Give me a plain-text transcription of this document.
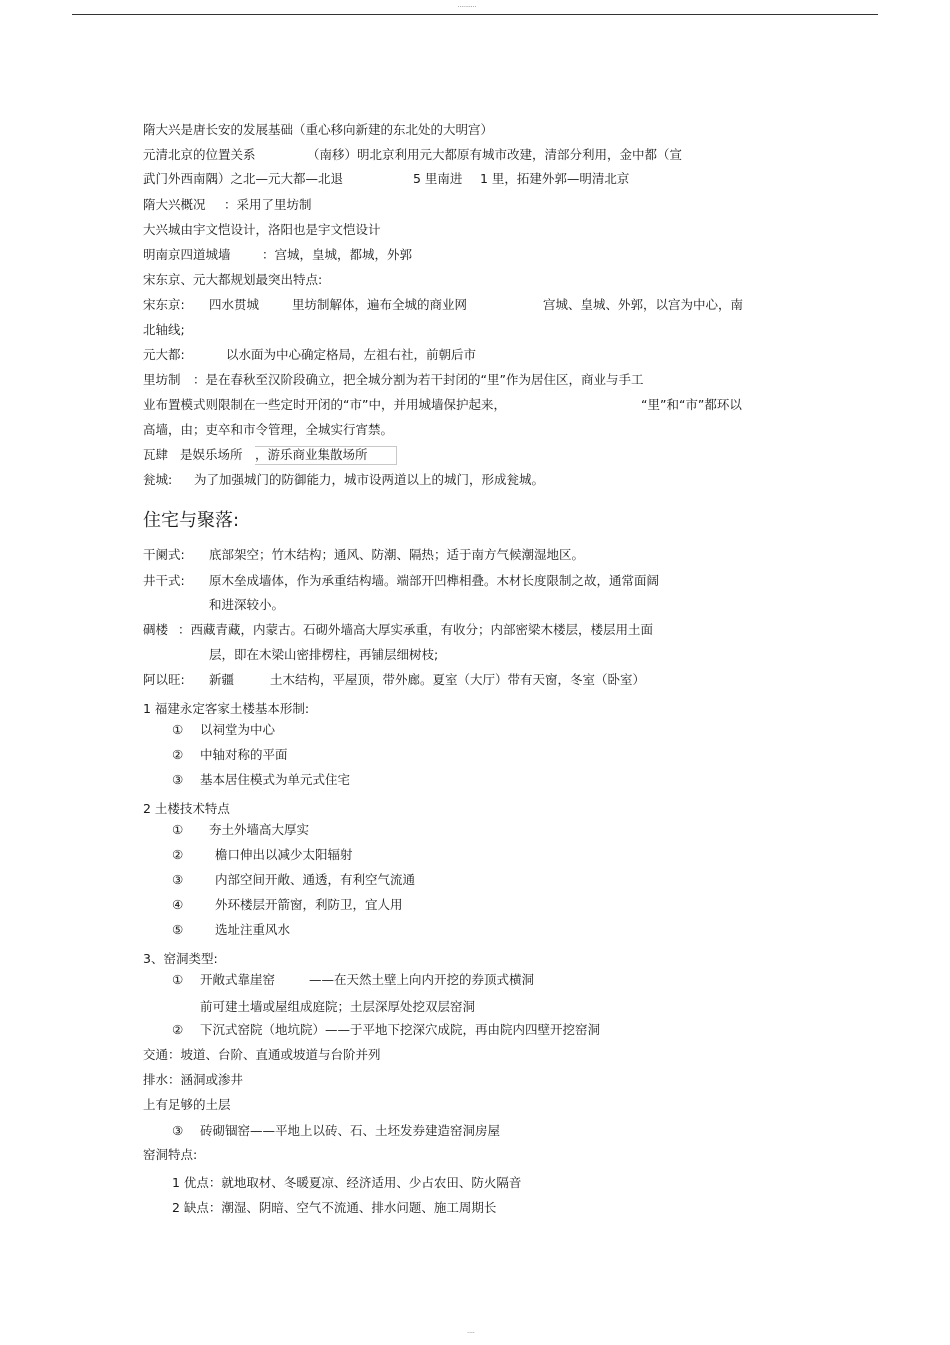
··········
隋大兴是唐长安的发展基础（重心移向新建的东北处的大明宫）
元清北京的位置关系	（南移）明北京利用元大都原有城市改建，清部分利用，金中都（宣
武门外西南隅）之北—元大都—北退	5 里南进 1 里，拓建外郭—明清北京
隋大兴概况 ：采用了里坊制
大兴城由宇文恺设计，洛阳也是宇文恺设计
明南京四道城墙	：宫城，皇城，都城，外郭
宋东京、元大都规划最突出特点:
宋东京: 四水贯城	里坊制解体，遍布全城的商业网	宫城、皇城、外郭，以宫为中心，南
北轴线;
元大都:	以水面为中心确定格局，左祖右社，前朝后市
里坊制 ：是在春秋至汉阶段确立，把全城分割为若干封闭的“里”作为居住区，商业与手工
业布置模式则限制在一些定时开闭的“市”中，并用城墙保护起来，	“里”和“市”都环以
高墙，由；吏卒和市令管理，全城实行宵禁。
瓦肆 是娱乐场所 ，游乐商业集散场所
瓮城: 为了加强城门的防御能力，城市设两道以上的城门，形成瓮城。
住宅与聚落:
干阑式: 底部架空；竹木结构；通风、防潮、隔热；适于南方气候潮湿地区。
井干式: 原木垒成墙体，作为承重结构墙。端部开凹榫相叠。木材长度限制之故，通常面阔
和进深较小。
碉楼 ：西藏青藏，内蒙古。石砌外墙高大厚实承重，有收分；内部密梁木楼层，楼层用土面
层，即在木梁山密排楞柱，再铺层细树枝;
阿以旺: 新疆	土木结构，平屋顶，带外廊。夏室（大厅）带有天窗，冬室（卧室）
1 福建永定客家土楼基本形制:
① 以祠堂为中心
② 中轴对称的平面
③ 基本居住模式为单元式住宅
2 土楼技术特点
① 夯土外墙高大厚实
②	檐口伸出以减少太阳辐射
③	内部空间开敞、通透，有利空气流通
④	外环楼层开箭窗，利防卫，宜人用
⑤	选址注重风水
3、窑洞类型:
① 开敞式靠崖窑	——在天然土壁上向内开挖的券顶式横洞
前可建土墙或屋组成庭院；土层深厚处挖双层窑洞
② 下沉式窑院（地坑院）——于平地下挖深穴成院，再由院内四壁开挖窑洞
交通：坡道、台阶、直通或坡道与台阶并列
排水：涵洞或渗井
上有足够的土层
③ 砖砌锢窑——平地上以砖、石、土坯发券建造窑洞房屋
窑洞特点:
1 优点：就地取材、冬暖夏凉、经济适用、少占农田、防火隔音
2 缺点：潮湿、阴暗、空气不流通、排水问题、施工周期长
····
